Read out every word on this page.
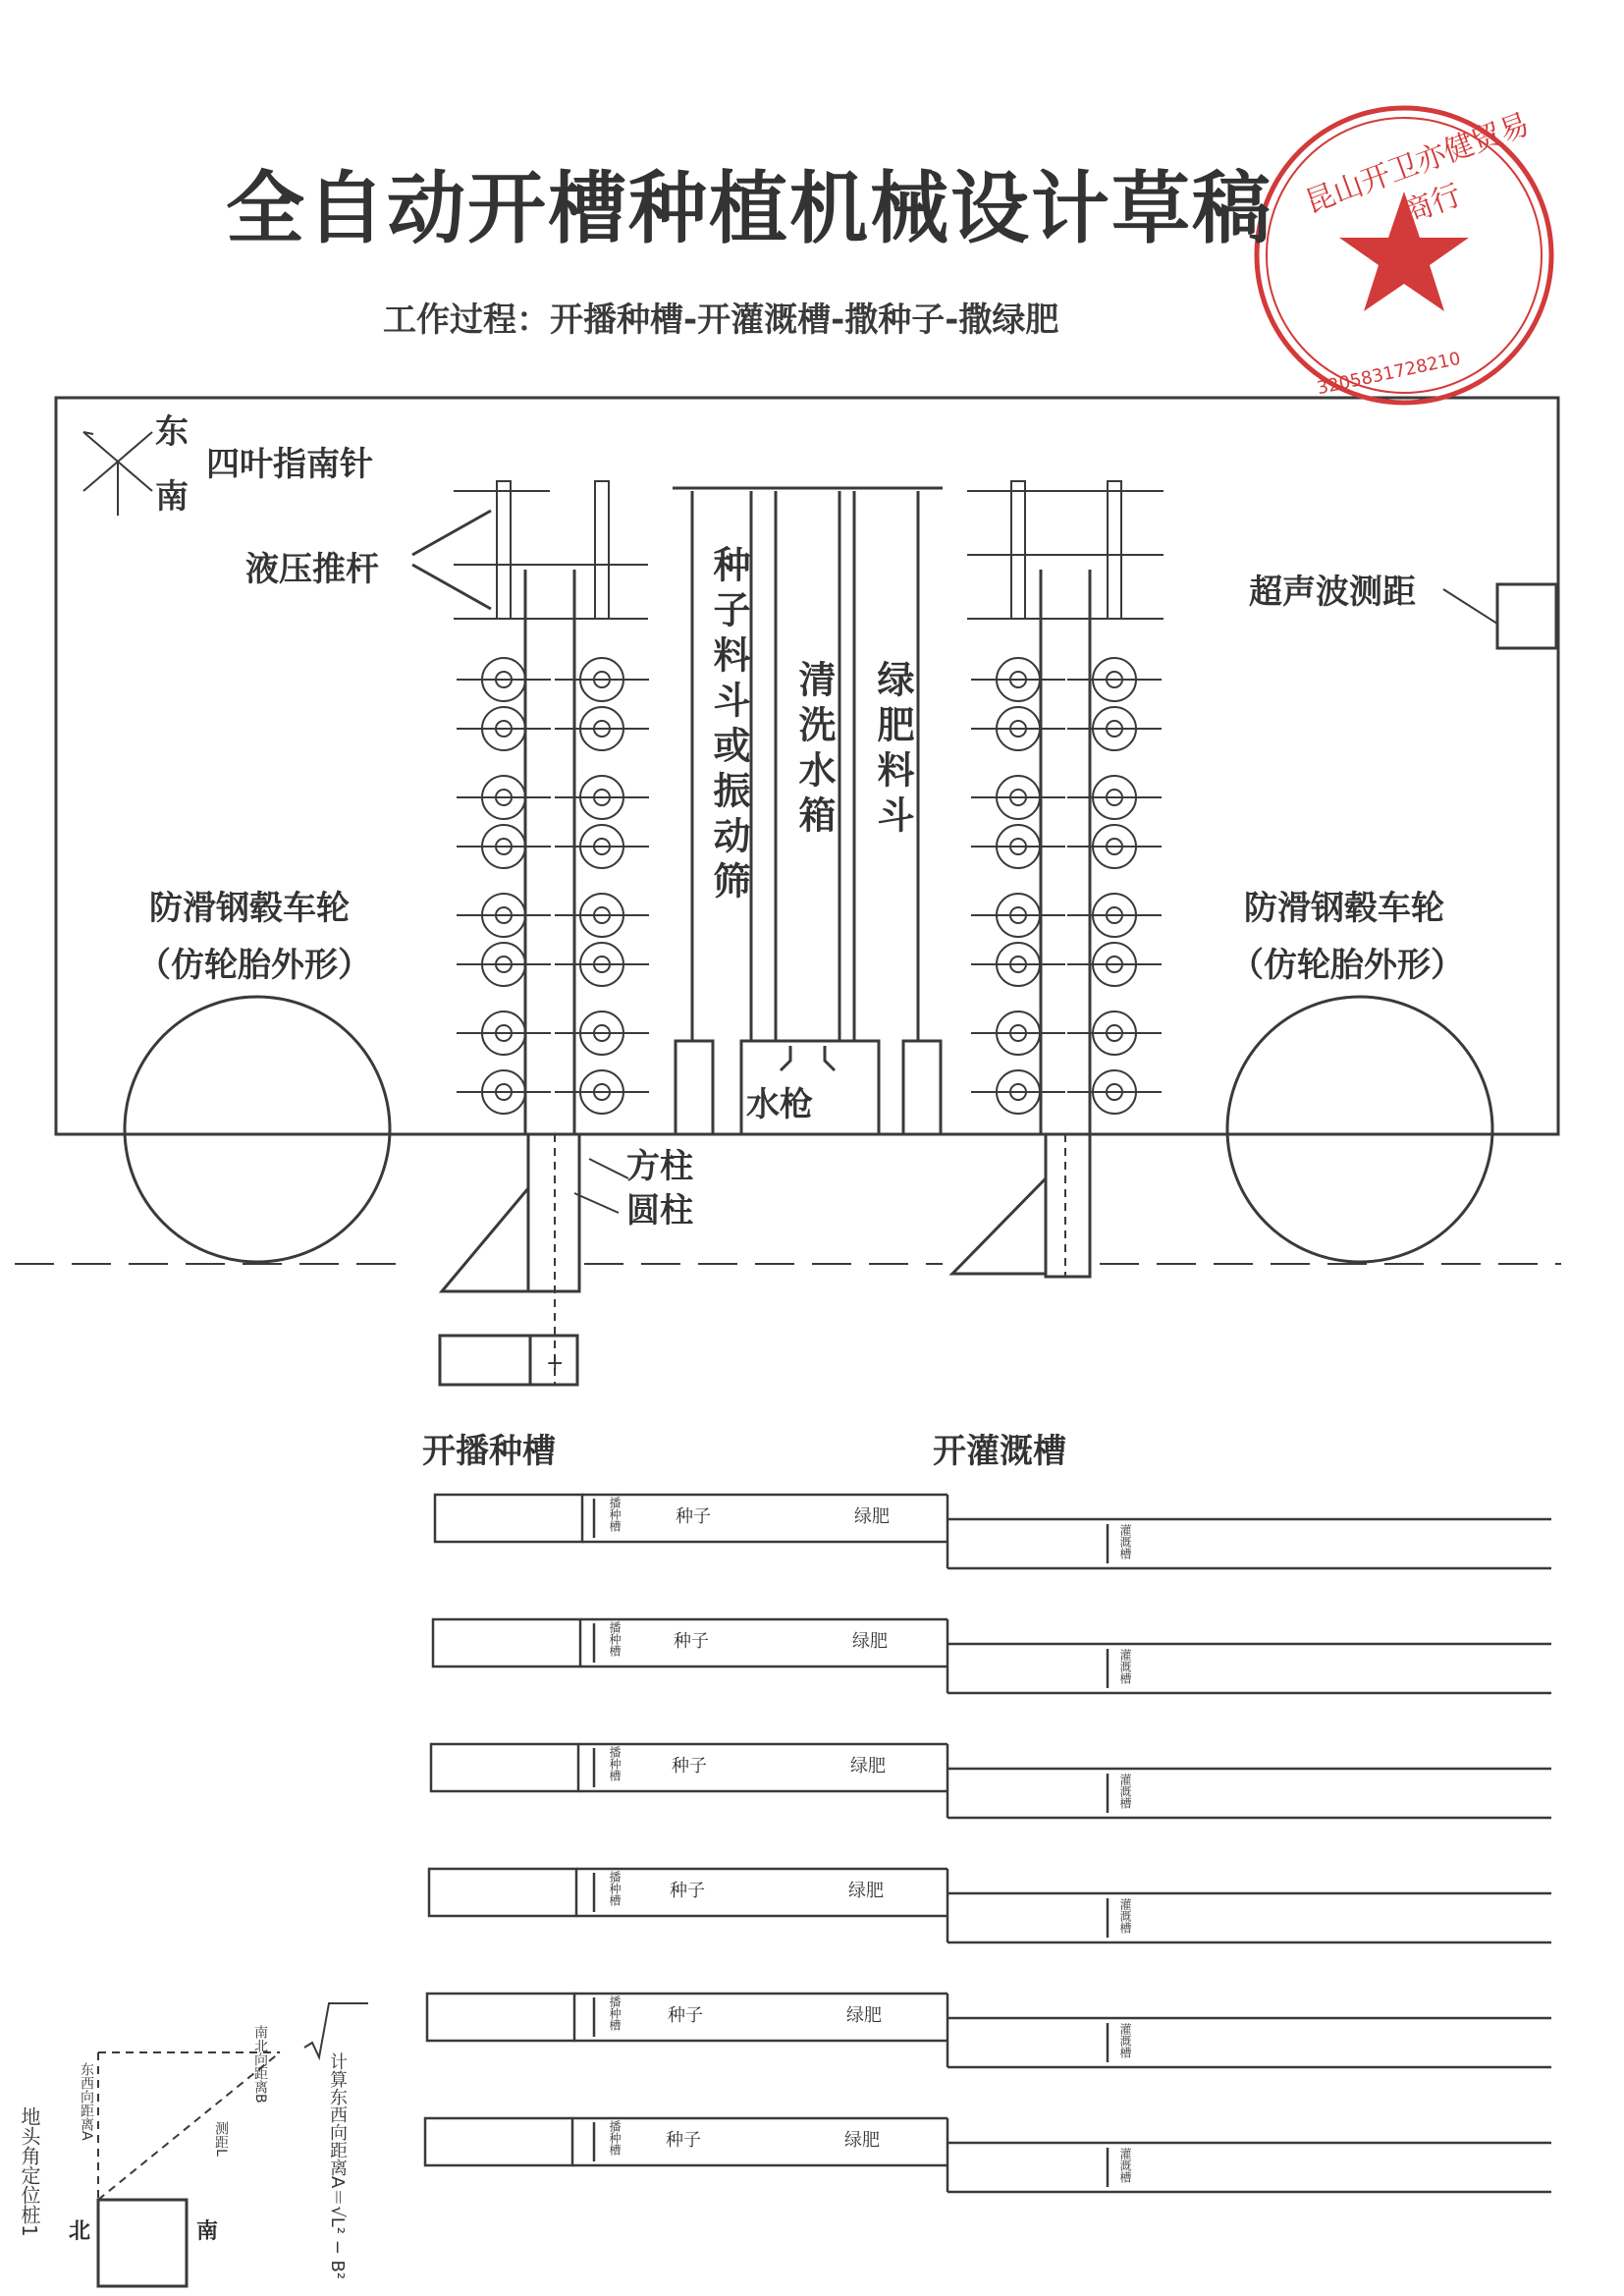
+
全自动开槽种植机械设计草稿
工作过程：开播种槽-开灌溉槽-撒种子-撒绿肥
东
南
四叶指南针
液压推杆
超声波测距
种子料斗或振动筛 清洗水箱 绿肥料斗
防滑钢毂车轮
（仿轮胎外形）
防滑钢毂车轮
（仿轮胎外形）
水枪
方柱
圆柱
开播种槽	开灌溉槽
播种槽	种子	绿肥
灌溉槽
播种槽	种子	绿肥
灌溉槽
播种槽	种子	绿肥
灌溉槽
播种槽	种子	绿肥
灌溉槽
播种槽	种子	绿肥
灌溉槽
播种槽	种子	绿肥
灌溉槽
北	南
东西向距离A	南北向距离B
测距L
地头角定位桩1	计算东西向距离A＝√L² − B²
昆山开卫亦健贸易商行
3205831728210
